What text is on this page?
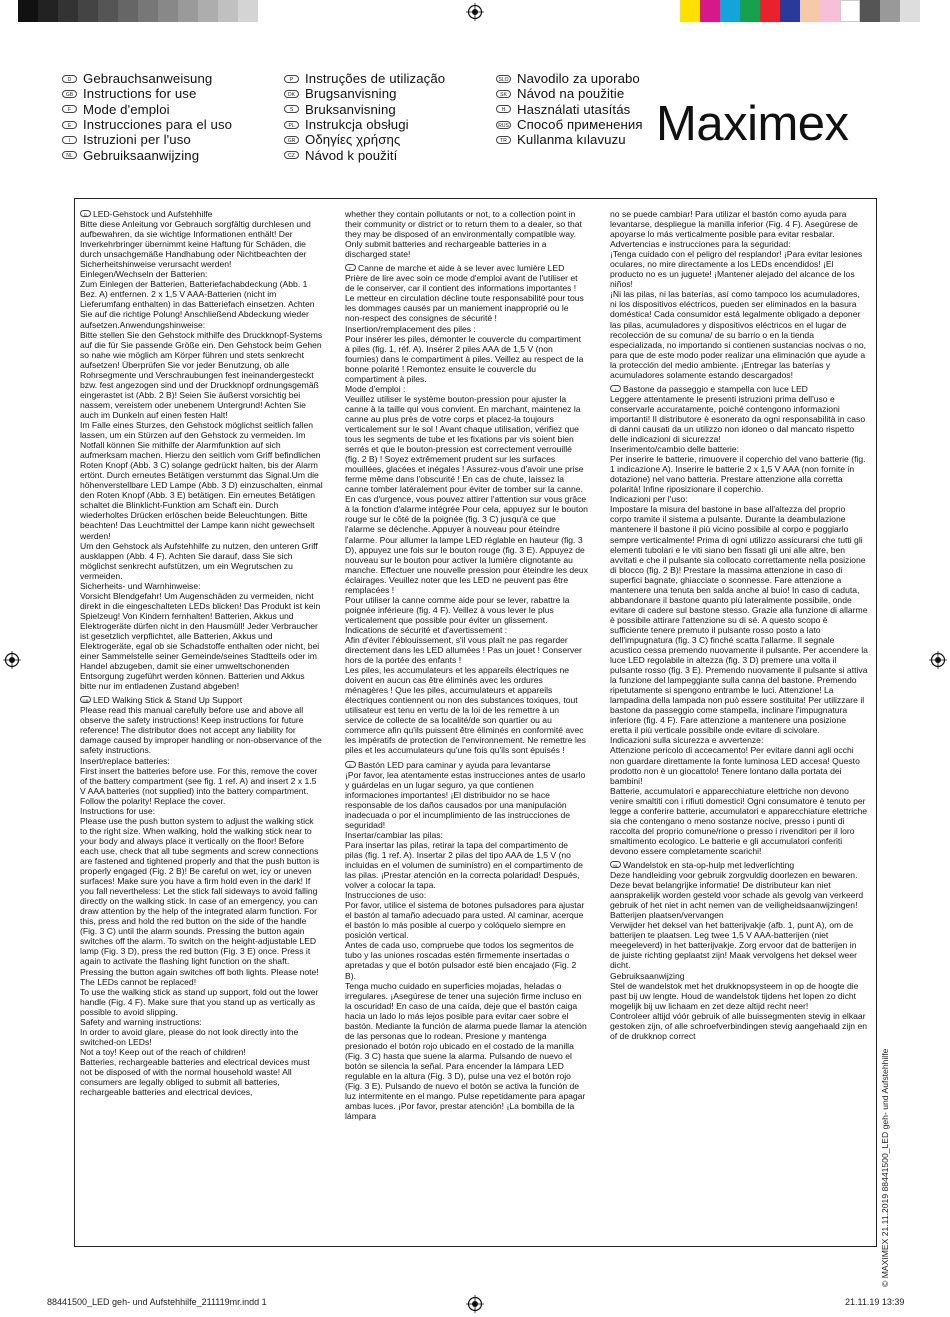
D Gebrauchsanweisung
GB Instructions for use
F Mode d'emploi
E Instrucciones para el uso
I Istruzioni per l'uso
NL Gebruiksaanwijzing
P Instruções de utilização
DK Brugsanvisning
S Bruksanvisning
PL Instrukcja obsługi
GR Οδηγίες χρήσης
CZ Návod k použití
SLO Navodilo za uporabo
SK Návod na použitie
H Használati utasítás
RUS Способ применения
TR Kullanma kılavuzu Maximex

D LED-Gehstock und Aufstehhilfe

Bitte diese Anleitung vor Gebrauch sorgfältig durchlesen und aufbewahren, da sie wichtige Informationen enthält! Der Inverkehrbringer übernimmt keine Haftung für Schäden, die durch unsachgemäße Handhabung oder Nichtbeachten der Sicherheitshinweise verursacht werden!
Einlegen/Wechseln der Batterien:
Zum Einlegen der Batterien, Batteriefachabdeckung (Abb. 1 Bez. A) entfernen. 2 x 1,5 V AAA-Batterien (nicht im Lieferumfang enthalten) in das Batteriefach einsetzen. Achten Sie auf die richtige Polung! Anschließend Abdeckung wieder aufsetzen.Anwendungshinweise:
Bitte stellen Sie den Gehstock mithilfe des Druckknopf-Systems auf die für Sie passende Größe ein. Den Gehstock beim Gehen so nahe wie möglich am Körper führen und stets senkrecht aufsetzen! Überprüfen Sie vor jeder Benutzung, ob alle Rohrsegmente und Verschraubungen fest ineinandergesteckt bzw. fest angezogen sind und der Druckknopf ordnungsgemäß eingerastet ist (Abb. 2 B)! Seien Sie äußerst vorsichtig bei nassem, vereistem oder unebenem Untergrund! Achten Sie auch im Dunkeln auf einen festen Halt!
Im Falle eines Sturzes, den Gehstock möglichst seitlich fallen lassen, um ein Stürzen auf den Gehstock zu vermeiden. Im Notfall können Sie mithilfe der Alarmfunktion auf sich aufmerksam machen. Hierzu den seitlich vom Griff befindlichen Roten Knopf (Abb. 3 C) solange gedrückt halten, bis der Alarm ertönt. Durch erneutes Betätigen verstummt das Signal.Um die höhenverstellbare LED Lampe (Abb. 3 D) einzuschalten, einmal den Roten Knopf (Abb. 3 E) betätigen. Ein erneutes Betätigen schaltet die Blinklicht-Funktion am Schaft ein. Durch wiederholtes Drücken erlöschen beide Beleuchtungen. Bitte beachten! Das Leuchtmittel der Lampe kann nicht gewechselt werden!
Um den Gehstock als Aufstehhilfe zu nutzen, den unteren Griff ausklappen (Abb. 4 F). Achten Sie darauf, dass Sie sich möglichst senkrecht aufstützen, um ein Wegrutschen zu vermeiden.
Sicherheits- und Warnhinweise:
Vorsicht Blendgefahr! Um Augenschäden zu vermeiden, nicht direkt in die eingeschalteten LEDs blicken! Das Produkt ist kein Spielzeug! Von Kindern fernhalten! Batterien, Akkus und Elektrogeräte dürfen nicht in den Hausmüll! Jeder Verbraucher ist gesetzlich verpflichtet, alle Batterien, Akkus und Elektrogeräte, egal ob sie Schadstoffe enthalten oder nicht, bei einer Sammelstelle seiner Gemeinde/seines Stadtteils oder im Handel abzugeben, damit sie einer umweltschonenden Entsorgung zugeführt werden können. Batterien und Akkus bitte nur im entladenen Zustand abgeben!

GB LED Walking Stick & Stand Up Support

Please read this manual carefully before use and above all observe the safety instructions! Keep instructions for future reference! The distributor does not accept any liability for damage caused by improper handling or non-observance of the safety instructions.
Insert/replace batteries:
First insert the batteries before use. For this, remove the cover of the battery compartment (see fig. 1 ref. A) and insert 2 x 1.5 V AAA batteries (not supplied) into the battery compartment. Follow the polarity! Replace the cover.
Instructions for use:
Please use the push button system to adjust the walking stick to the right size. When walking, hold the walking stick near to your body and always place it vertically on the floor! Before each use, check that all tube segments and screw connections are fastened and tightened properly and that the push button is properly engaged (Fig. 2 B)! Be careful on wet, icy or uneven surfaces! Make sure you have a firm hold even in the dark! If you fall nevertheless: Let the stick fall sideways to avoid falling directly on the walking stick. In case of an emergency, you can draw attention by the help of the integrated alarm function. For this, press and hold the red button on the side of the handle (Fig. 3 C) until the alarm sounds. Pressing the button again switches off the alarm. To switch on the height-adjustable LED lamp (Fig. 3 D), press the red button (Fig. 3 E) once. Press it again to activate the flashing light function on the shaft. Pressing the button again switches off both lights. Please note! The LEDs cannot be replaced!
To use the walking stick as stand up support, fold out the lower handle (Fig. 4 F). Make sure that you stand up as vertically as possible to avoid slipping.
Safety and warning instructions:
In order to avoid glare, please do not look directly into the switched-on LEDs!
Not a toy! Keep out of the reach of children!
Batteries, rechargeable batteries and electrical devices must not be disposed of with the normal household waste! All consumers are legally obliged to submit all batteries, rechargeable batteries and electrical devices,

whether they contain pollutants or not, to a collection point in their community or district or to return them to a dealer, so that they may be disposed of an environmentally compatible way. Only submit batteries and rechargeable batteries in a discharged state!

F Canne de marche et aide à se lever avec lumière LED

Prière de lire avec soin ce mode d'emploi avant de l'utiliser et de le conserver, car il contient des informations importantes ! Le metteur en circulation décline toute responsabilité pour tous les dommages causés par un maniement inapproprié ou le non-respect des consignes de sécurité !
Insertion/remplacement des piles :
Pour insérer les piles, démonter le couvercle du compartiment à piles (fig. 1, réf. A). Insérer 2 piles AAA de 1,5 V (non fournies) dans le compartiment à piles. Veillez au respect de la bonne polarité ! Remontez ensuite le couvercle du compartiment à piles.
Mode d'emploi :
Veuillez utiliser le système bouton-pression pour ajuster la canne à la taille qui vous convient. En marchant, maintenez la canne au plus près de votre corps et placez-la toujours verticalement sur le sol ! Avant chaque utilisation, vérifiez que tous les segments de tube et les fixations par vis soient bien serrés et que le bouton-pression est correctement verrouillé (fig. 2 B) ! Soyez extrêmement prudent sur les surfaces mouillées, glacées et inégales ! Assurez-vous d'avoir une prise ferme même dans l'obscurité ! En cas de chute, laissez la canne tomber latéralement pour éviter de tomber sur la canne. En cas d'urgence, vous pouvez attirer l'attention sur vous grâce à la fonction d'alarme intégrée Pour cela, appuyez sur le bouton rouge sur le côté de la poignée (fig. 3 C) jusqu'à ce que l'alarme se déclenche. Appuyer à nouveau pour éteindre l'alarme. Pour allumer la lampe LED réglable en hauteur (fig. 3 D), appuyez une fois sur le bouton rouge (fig. 3 E). Appuyez de nouveau sur le bouton pour activer la lumière clignotante au manche. Effectuer une nouvelle pression pour éteindre les deux éclairages. Veuillez noter que les LED ne peuvent pas être remplacées !
Pour utiliser la canne comme aide pour se lever, rabattre la poignée inférieure (fig. 4 F). Veillez à vous lever le plus verticalement que possible pour éviter un glissement.
Indications de sécurité et d'avertissement :
Afin d'éviter l'éblouissement, s'il vous plaît ne pas regarder directement dans les LED allumées ! Pas un jouet ! Conserver hors de la portée des enfants !
Les piles, les accumulateurs et les appareils électriques ne doivent en aucun cas être éliminés avec les ordures ménagères ! Que les piles, accumulateurs et appareils électriques contiennent ou non des substances toxiques, tout utilisateur est tenu en vertu de la loi de les remettre à un service de collecte de sa localité/de son quartier ou au commerce afin qu'ils puissent être éliminés en conformité avec les impératifs de protection de l'environnement. Ne remettre les piles et les accumulateurs qu'une fois qu'ils sont épuisés !

E Bastón LED para caminar y ayuda para levantarse

¡Por favor, lea atentamente estas instrucciones antes de usarlo y guárdelas en un lugar seguro, ya que contienen informaciones importantes! ¡El distribuidor no se hace responsable de los daños causados por una manipulación inadecuada o por el incumplimiento de las instrucciones de seguridad!
Insertar/cambiar las pilas:
Para insertar las pilas, retirar la tapa del compartimento de pilas (fig. 1 ref. A). Insertar 2 pilas del tipo AAA de 1,5 V (no incluidas en el volumen de suministro) en el compartimento de las pilas. ¡Prestar atención en la correcta polaridad! Después, volver a colocar la tapa.
Instrucciones de uso:
Por favor, utilice el sistema de botones pulsadores para ajustar el bastón al tamaño adecuado para usted. Al caminar, acerque el bastón lo más posible al cuerpo y colóquelo siempre en posición vertical.
Antes de cada uso, compruebe que todos los segmentos de tubo y las uniones roscadas estén firmemente insertadas o apretadas y que el botón pulsador esté bien encajado (Fig. 2 B).
Tenga mucho cuidado en superficies mojadas, heladas o irregulares. ¡Asegúrese de tener una sujeción firme incluso en la oscuridad! En caso de una caída, deje que el bastón caiga hacia un lado lo más lejos posible para evitar caer sobre el bastón. Mediante la función de alarma puede llamar la atención de las personas que lo rodean. Presione y mantenga presionado el botón rojo ubicado en el costado de la manilla (Fig. 3 C) hasta que suene la alarma. Pulsando de nuevo el botón se silencia la señal. Para encender la lámpara LED regulable en la altura (Fig. 3 D), pulse una vez el botón rojo (Fig. 3 E). Pulsando de nuevo el botón se activa la función de luz intermitente en el mango. Pulse repetidamente para apagar ambas luces. ¡Por favor, prestar atención! ¡La bombilla de la lámpara

no se puede cambiar! Para utilizar el bastón como ayuda para levantarse, despliegue la manilla inferior (Fig. 4 F). Asegúrese de apoyarse lo más verticalmente posible para evitar resbalar.
Advertencias e instrucciones para la seguridad:
¡Tenga cuidado con el peligro del resplandor! ¡Para evitar lesiones oculares, no mire directamente a los LEDs encendidos! ¡El producto no es un juguete! ¡Mantener alejado del alcance de los niños!
¡Ni las pilas, ni las baterías, así como tampoco los acumuladores, ni los dispositivos eléctricos, pueden ser eliminados en la basura doméstica! Cada consumidor está legalmente obligado a deponer las pilas, acumuladores y dispositivos eléctricos en el lugar de recolección de su comuna/ de su barrio o en la tienda especializada, no importando si contienen sustancias nocivas o no, para que de este modo poder realizar una eliminación que ayude a la protección del medio ambiente. ¡Entregar las baterías y acumuladores solamente estando descargados!

I Bastone da passeggio e stampella con luce LED

Leggere attentamente le presenti istruzioni prima dell'uso e conservarle accuratamente, poiché contengono informazioni importanti! Il distributore è esonerato da ogni responsabilità in caso di danni causati da un utilizzo non idoneo o dal mancato rispetto delle indicazioni di sicurezza!
Inserimento/cambio delle batterie:
Per inserire le batterie, rimuovere il coperchio del vano batterie (fig. 1 indicazione A). Inserire le batterie 2 x 1,5 V AAA (non fornite in dotazione) nel vano batteria. Prestare attenzione alla corretta polarità! Infine riposizionare il coperchio.
Indicazioni per l'uso:
Impostare la misura del bastone in base all'altezza del proprio corpo tramite il sistema a pulsante. Durante la deambulazione mantenere il bastone il più vicino possibile al corpo e poggiarlo sempre verticalmente! Prima di ogni utilizzo assicurarsi che tutti gli elementi tubolari e le viti siano ben fissati gli uni alle altre, ben avvitati e che il pulsante sia collocato correttamente nella posizione di blocco (fig. 2 B)! Prestare la massima attenzione in caso di superfici bagnate, ghiacciate o sconnesse. Fare attenzione a mantenere una tenuta ben salda anche al buio! In caso di caduta, abbandonare il bastone quanto più lateralmente possibile, onde evitare di cadere sul bastone stesso. Grazie alla funzione di allarme è possibile attirare l'attenzione su di sé. A questo scopo è sufficiente tenere premuto il pulsante rosso posto a lato dell'impugnatura (fig. 3 C) finché scatta l'allarme. Il segnale acustico cessa premendo nuovamente il pulsante. Per accendere la luce LED regolabile in altezza (fig. 3 D) premere una volta il pulsante rosso (fig. 3 E). Premendo nuovamente il pulsante si attiva la funzione del lampeggiante sulla canna del bastone. Premendo ripetutamente si spengono entrambe le luci. Attenzione! La lampadina della lampada non può essere sostituita! Per utilizzare il bastone da passeggio come stampella, inclinare l'impugnatura inferiore (fig. 4 F). Fare attenzione a mantenere una posizione eretta il più verticale possibile onde evitare di scivolare.
Indicazioni sulla sicurezza e avvertenze:
Attenzione pericolo di accecamento! Per evitare danni agli occhi non guardare direttamente la fonte luminosa LED accesa! Questo prodotto non è un giocattolo! Tenere lontano dalla portata dei bambini!
Batterie, accumulatori e apparecchiature elettriche non devono venire smaltiti con i rifiuti domestici! Ogni consumatore è tenuto per legge a conferire batterie, accumulatori e apparecchiature elettriche sia che contengano o meno sostanze nocive, presso i punti di raccolta del proprio comune/rione o presso i rivenditori per il loro smaltimento ecologico. Le batterie e gli accumulatori conferiti devono essere completamente scarichi!

NL Wandelstok en sta-op-hulp met ledverlichting

Deze handleiding voor gebruik zorgvuldig doorlezen en bewaren. Deze bevat belangrijke informatie! De distributeur kan niet aansprakelijk worden gesteld voor schade als gevolg van verkeerd gebruik of het niet in acht nemen van de veiligheidsaanwijzingen!
Batterijen plaatsen/vervangen
Verwijder het deksel van het batterijvakje (afb. 1, punt A), om de batterijen te plaatsen. Leg twee 1,5 V AAA-batterijen (niet meegeleverd) in het batterijvakje. Zorg ervoor dat de batterijen in de juiste richting geplaatst zijn! Maak vervolgens het deksel weer dicht.
Gebruiksaanwijzing
Stel de wandelstok met het drukknopsysteem in op de hoogte die past bij uw lengte. Houd de wandelstok tijdens het lopen zo dicht mogelijk bij uw lichaam en zet deze altijd recht neer!
Controleer altijd vóór gebruik of alle buissegmenten stevig in elkaar gestoken zijn, of alle schroefverbindingen stevig aangehaald zijn en of de drukknop correct

© MAXIMEX 21.11.2019 88441500_LED geh- und Aufstehhilfe
88441500_LED geh- und Aufstehhilfe_211119mr.indd 1	21.11.19 13:39
